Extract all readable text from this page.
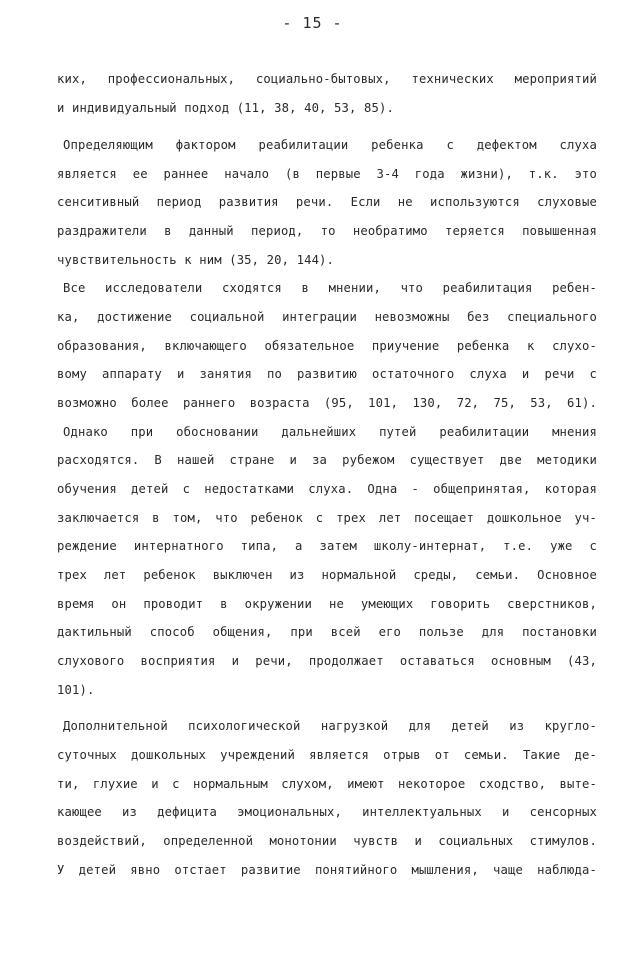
- 15 -
ких, профессиональных, социально-бытовых, технических мероприятий
и индивидуальный подход (11, 38, 40, 53, 85).
Определяющим фактором реабилитации ребенка с дефектом слуха
является ее раннее начало (в первые 3-4 года жизни), т.к. это
сенситивный период развития речи. Если не используются слуховые
раздражители в данный период, то необратимо теряется повышенная
чувствительность к ним (35, 20, 144).
Все исследователи сходятся в мнении, что реабилитация ребен-
ка, достижение социальной интеграции невозможны без специального
образования, включающего обязательное приучение ребенка к слухо-
вому аппарату и занятия по развитию остаточного слуха и речи с
возможно более раннего возраста (95, 101, 130, 72, 75, 53, 61).
Однако при обосновании дальнейших путей реабилитации мнения
расходятся. В нашей стране и за рубежом существует две методики
обучения детей с недостатками слуха. Одна - общепринятая, которая
заключается в том, что ребенок с трех лет посещает дошкольное уч-
реждение интернатного типа, а затем школу-интернат, т.е. уже с
трех лет ребенок выключен из нормальной среды, семьи. Основное
время он проводит в окружении не умеющих говорить сверстников,
дактильный способ общения, при всей его пользе для постановки
слухового восприятия и речи, продолжает оставаться основным (43,
101).
Дополнительной психологической нагрузкой для детей из кругло-
суточных дошкольных учреждений является отрыв от семьи. Такие де-
ти, глухие и с нормальным слухом, имеют некоторое сходство, выте-
кающее из дефицита эмоциональных, интеллектуальных и сенсорных
воздействий, определенной монотонии чувств и социальных стимулов.
У детей явно отстает развитие понятийного мышления, чаще наблюда-
